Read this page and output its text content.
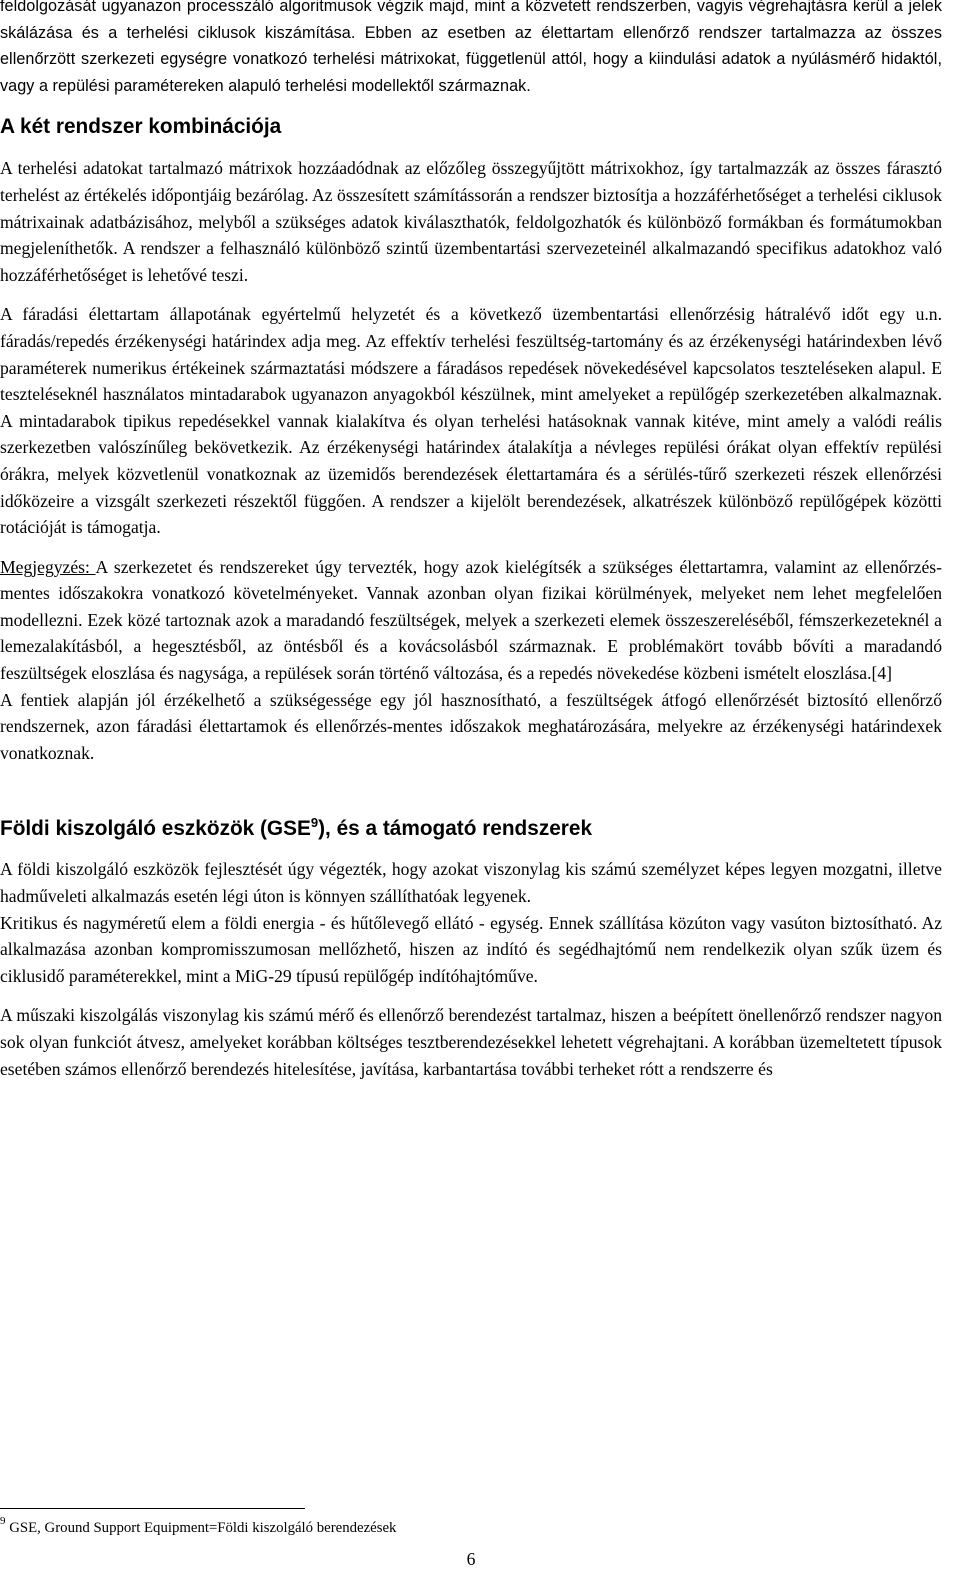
feldolgozását ugyanazon processzáló algoritmusok végzik majd, mint a közvetett rendszerben, vagyis végrehajtásra kerül a jelek skálázása és a terhelési ciklusok kiszámítása. Ebben az esetben az élettartam ellenőrző rendszer tartalmazza az összes ellenőrzött szerkezeti egységre vonatkozó terhelési mátrixokat, függetlenül attól, hogy a kiindulási adatok a nyúlásmérő hidaktól, vagy a repülési paramétereken alapuló terhelési modellektől származnak.

A két rendszer kombinációja

A terhelési adatokat tartalmazó mátrixok hozzáadódnak az előzőleg összegyűjtött mátrixokhoz, így tartalmazzák az összes fárasztó terhelést az értékelés időpontjáig bezárólag. Az összesített számítássorán a rendszer biztosítja a hozzáférhetőséget a terhelési ciklusok mátrixainak adatbázisához, melyből a szükséges adatok kiválaszthatók, feldolgozhatók és különböző formákban és formátumokban megjeleníthetők. A rendszer a felhasználó különböző szintű üzembentartási szervezeteinél alkalmazandó specifikus adatokhoz való hozzáférhetőséget is lehetővé teszi.

A fáradási élettartam állapotának egyértelmű helyzetét és a következő üzembentartási ellenőrzésig hátralévő időt egy u.n. fáradás/repedés érzékenységi határindex adja meg. Az effektív terhelési feszültség-tartomány és az érzékenységi határindexben lévő paraméterek numerikus értékeinek származtatási módszere a fáradásos repedések növekedésével kapcsolatos teszteléseken alapul. E teszteléseknél használatos mintadarabok ugyanazon anyagokból készülnek, mint amelyeket a repülőgép szerkezetében alkalmaznak. A mintadarabok tipikus repedésekkel vannak kialakítva és olyan terhelési hatásoknak vannak kitéve, mint amely a valódi reális szerkezetben valószínűleg bekövetkezik. Az érzékenységi határindex átalakítja a névleges repülési órákat olyan effektív repülési órákra, melyek közvetlenül vonatkoznak az üzemidős berendezések élettartamára és a sérülés-tűrő szerkezeti részek ellenőrzési időközeire a vizsgált szerkezeti részektől függően. A rendszer a kijelölt berendezések, alkatrészek különböző repülőgépek közötti rotációját is támogatja.

Megjegyzés: A szerkezetet és rendszereket úgy tervezték, hogy azok kielégítsék a szükséges élettartamra, valamint az ellenőrzés-mentes időszakokra vonatkozó követelményeket. Vannak azonban olyan fizikai körülmények, melyeket nem lehet megfelelően modellezni. Ezek közé tartoznak azok a maradandó feszültségek, melyek a szerkezeti elemek összeszereléséből, fémszerkezeteknél a lemezalakításból, a hegesztésből, az öntésből és a kovácsolásból származnak. E problémakört tovább bővíti a maradandó feszültségek eloszlása és nagysága, a repülések során történő változása, és a repedés növekedése közbeni ismételt eloszlása.[4]

A fentiek alapján jól érzékelhető a szükségessége egy jól hasznosítható, a feszültségek átfogó ellenőrzését biztosító ellenőrző rendszernek, azon fáradási élettartamok és ellenőrzés-mentes időszakok meghatározására, melyekre az érzékenységi határindexek vonatkoznak.

Földi kiszolgáló eszközök (GSE$^9$), és a támogató rendszerek

A földi kiszolgáló eszközök fejlesztését úgy végezték, hogy azokat viszonylag kis számú személyzet képes legyen mozgatni, illetve hadműveleti alkalmazás esetén légi úton is könnyen szállíthatóak legyenek.

Kritikus és nagyméretű elem a földi energia - és hűtőlevegő ellátó - egység. Ennek szállítása közúton vagy vasúton biztosítható. Az alkalmazása azonban kompromisszumosan mellőzhető, hiszen az indító és segédhajtómű nem rendelkezik olyan szűk üzem és ciklusidő paraméterekkel, mint a MiG-29 típusú repülőgép indítóhajtóműve.

A műszaki kiszolgálás viszonylag kis számú mérő és ellenőrző berendezést tartalmaz, hiszen a beépített önellenőrző rendszer nagyon sok olyan funkciót átvesz, amelyeket korábban költséges tesztberendezésekkel lehetett végrehajtani. A korábban üzemeltetett típusok esetében számos ellenőrző berendezés hitelesítése, javítása, karbantartása további terheket rótt a rendszerre és

$^9$ GSE, Ground Support Equipment=Földi kiszolgáló berendezések
6
